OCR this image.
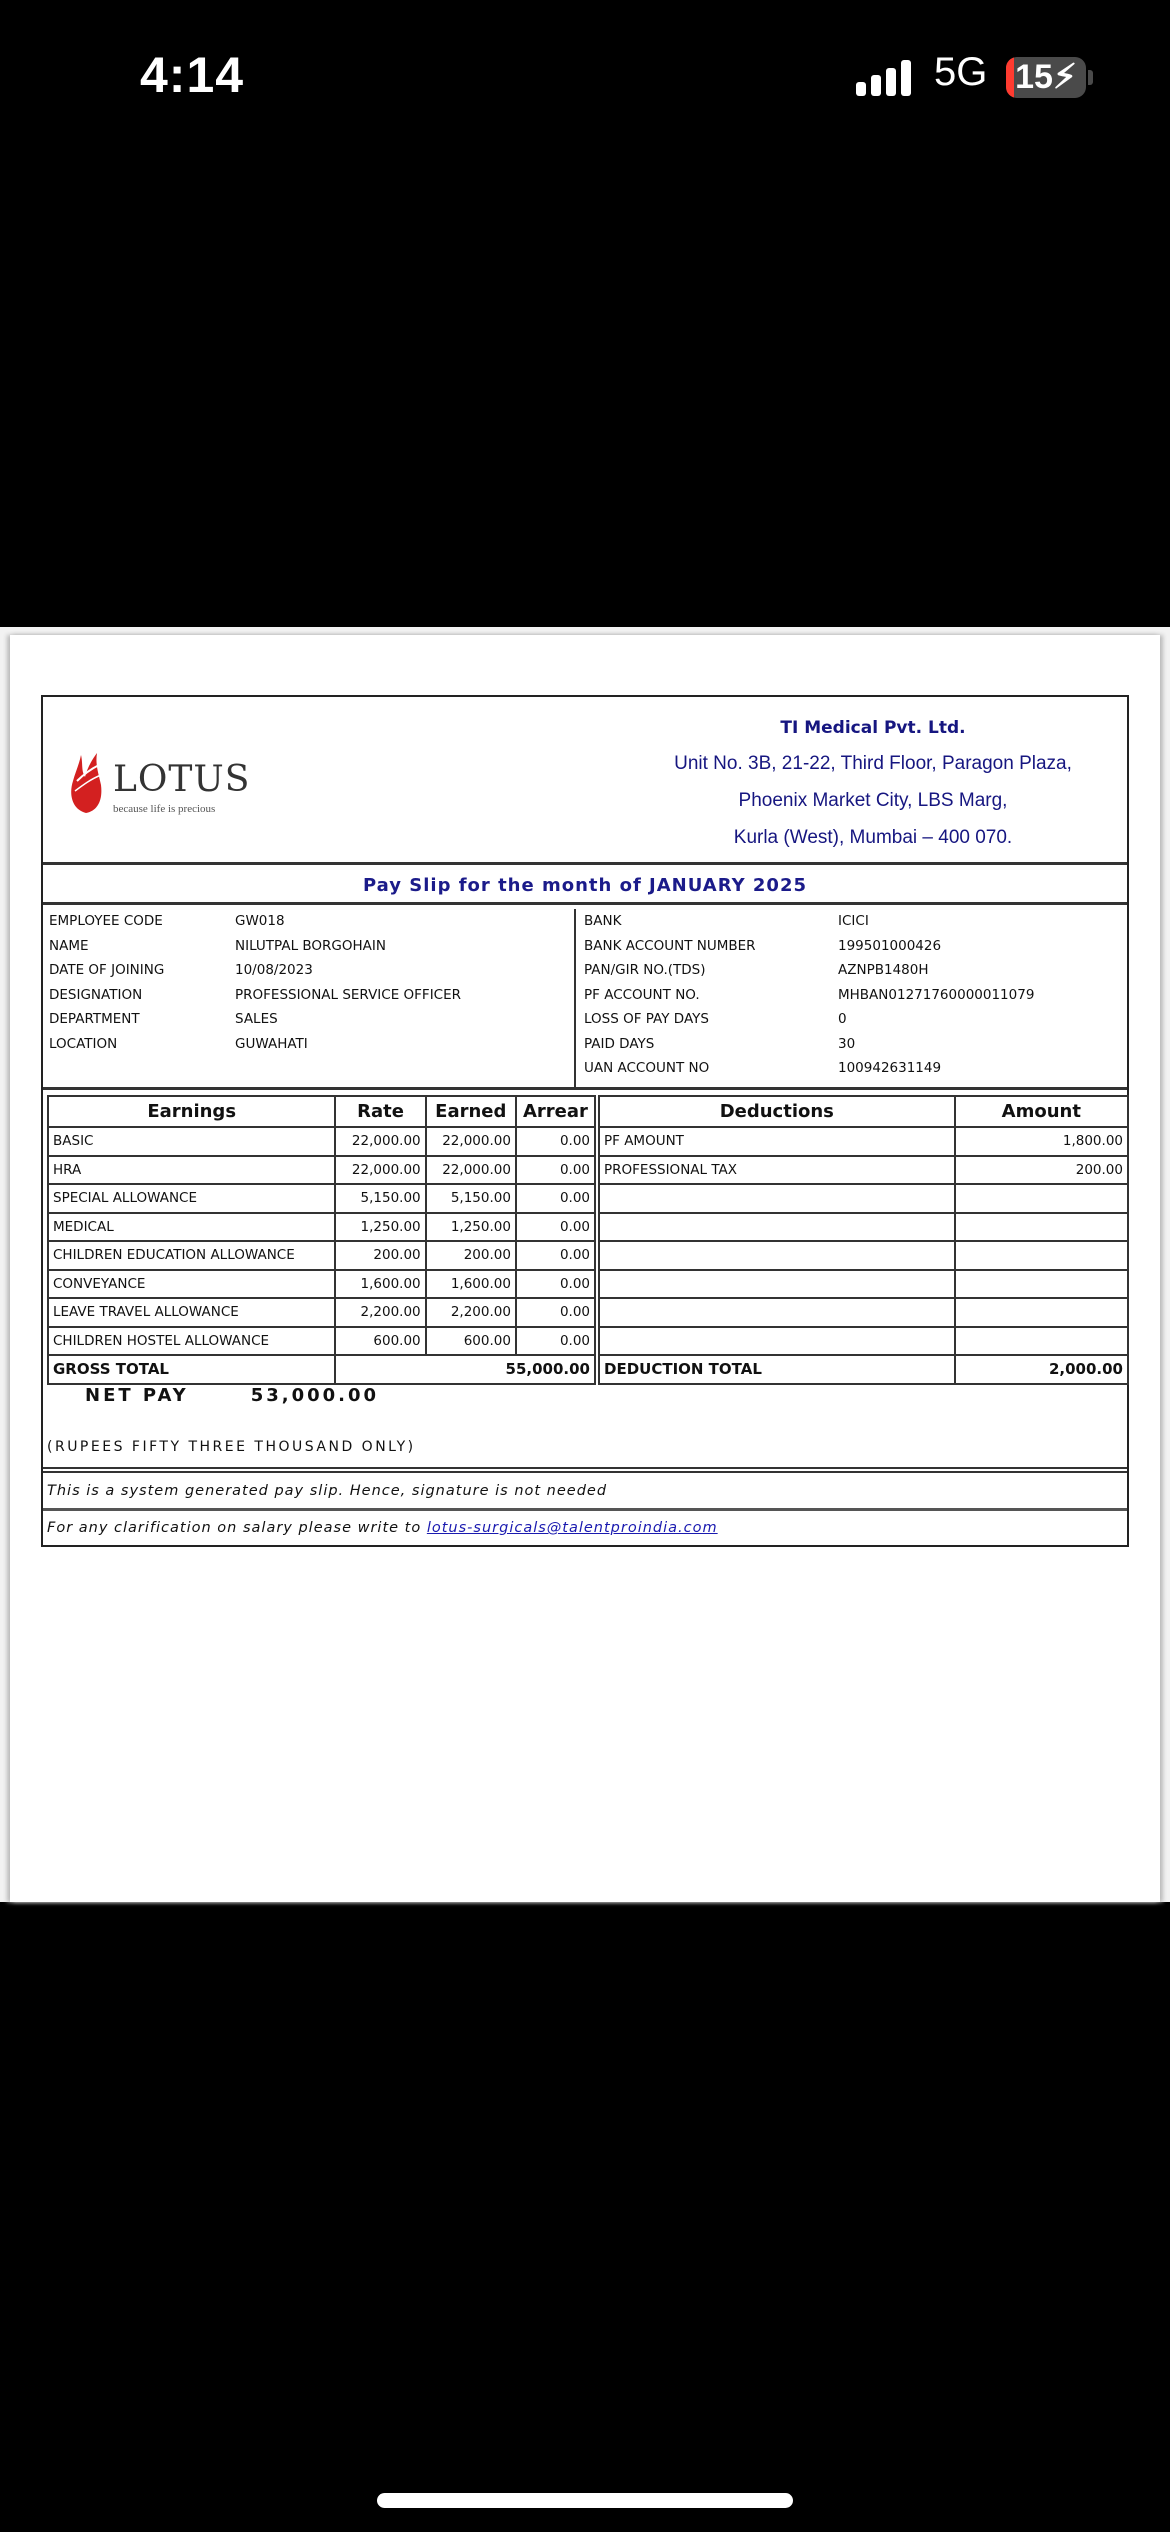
4:14	5G 15⚡︎
LOTUS
because life is precious
TI Medical Pvt. Ltd.
Unit No. 3B, 21-22, Third Floor, Paragon Plaza,
Phoenix Market City, LBS Marg,
Kurla (West), Mumbai – 400 070.
Pay Slip for the month of JANUARY 2025
EMPLOYEE CODE	GW018
NAME	NILUTPAL BORGOHAIN
DATE OF JOINING	10/08/2023
DESIGNATION	PROFESSIONAL SERVICE OFFICER
DEPARTMENT	SALES
LOCATION	GUWAHATI
BANK	ICICI
BANK ACCOUNT NUMBER	199501000426
PAN/GIR NO.(TDS)	AZNPB1480H
PF ACCOUNT NO.	MHBAN01271760000011079
LOSS OF PAY DAYS	0
PAID DAYS	30
UAN ACCOUNT NO	100942631149
Earnings	Rate	Earned	Arrear
BASIC	22,000.00	22,000.00	0.00
HRA	22,000.00	22,000.00	0.00
SPECIAL ALLOWANCE	5,150.00	5,150.00	0.00
MEDICAL	1,250.00	1,250.00	0.00
CHILDREN EDUCATION ALLOWANCE	200.00	200.00	0.00
CONVEYANCE	1,600.00	1,600.00	0.00
LEAVE TRAVEL ALLOWANCE	2,200.00	2,200.00	0.00
CHILDREN HOSTEL ALLOWANCE	600.00	600.00	0.00
GROSS TOTAL	55,000.00		
Deductions	Amount
PF AMOUNT	1,800.00
PROFESSIONAL TAX	200.00

DEDUCTION TOTAL	2,000.00
NET PAY	53,000.00
(RUPEES FIFTY THREE THOUSAND ONLY)
This is a system generated pay slip. Hence, signature is not needed
For any clarification on salary please write to lotus-surgicals@talentproindia.com
